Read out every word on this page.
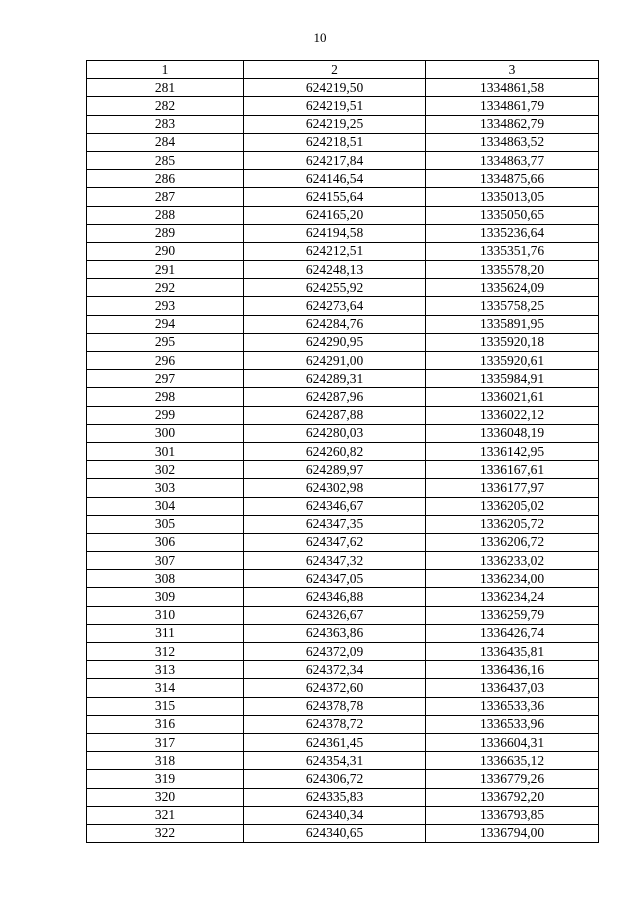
10
1	2	3
281	624219,50	1334861,58
282	624219,51	1334861,79
283	624219,25	1334862,79
284	624218,51	1334863,52
285	624217,84	1334863,77
286	624146,54	1334875,66
287	624155,64	1335013,05
288	624165,20	1335050,65
289	624194,58	1335236,64
290	624212,51	1335351,76
291	624248,13	1335578,20
292	624255,92	1335624,09
293	624273,64	1335758,25
294	624284,76	1335891,95
295	624290,95	1335920,18
296	624291,00	1335920,61
297	624289,31	1335984,91
298	624287,96	1336021,61
299	624287,88	1336022,12
300	624280,03	1336048,19
301	624260,82	1336142,95
302	624289,97	1336167,61
303	624302,98	1336177,97
304	624346,67	1336205,02
305	624347,35	1336205,72
306	624347,62	1336206,72
307	624347,32	1336233,02
308	624347,05	1336234,00
309	624346,88	1336234,24
310	624326,67	1336259,79
311	624363,86	1336426,74
312	624372,09	1336435,81
313	624372,34	1336436,16
314	624372,60	1336437,03
315	624378,78	1336533,36
316	624378,72	1336533,96
317	624361,45	1336604,31
318	624354,31	1336635,12
319	624306,72	1336779,26
320	624335,83	1336792,20
321	624340,34	1336793,85
322	624340,65	1336794,00
